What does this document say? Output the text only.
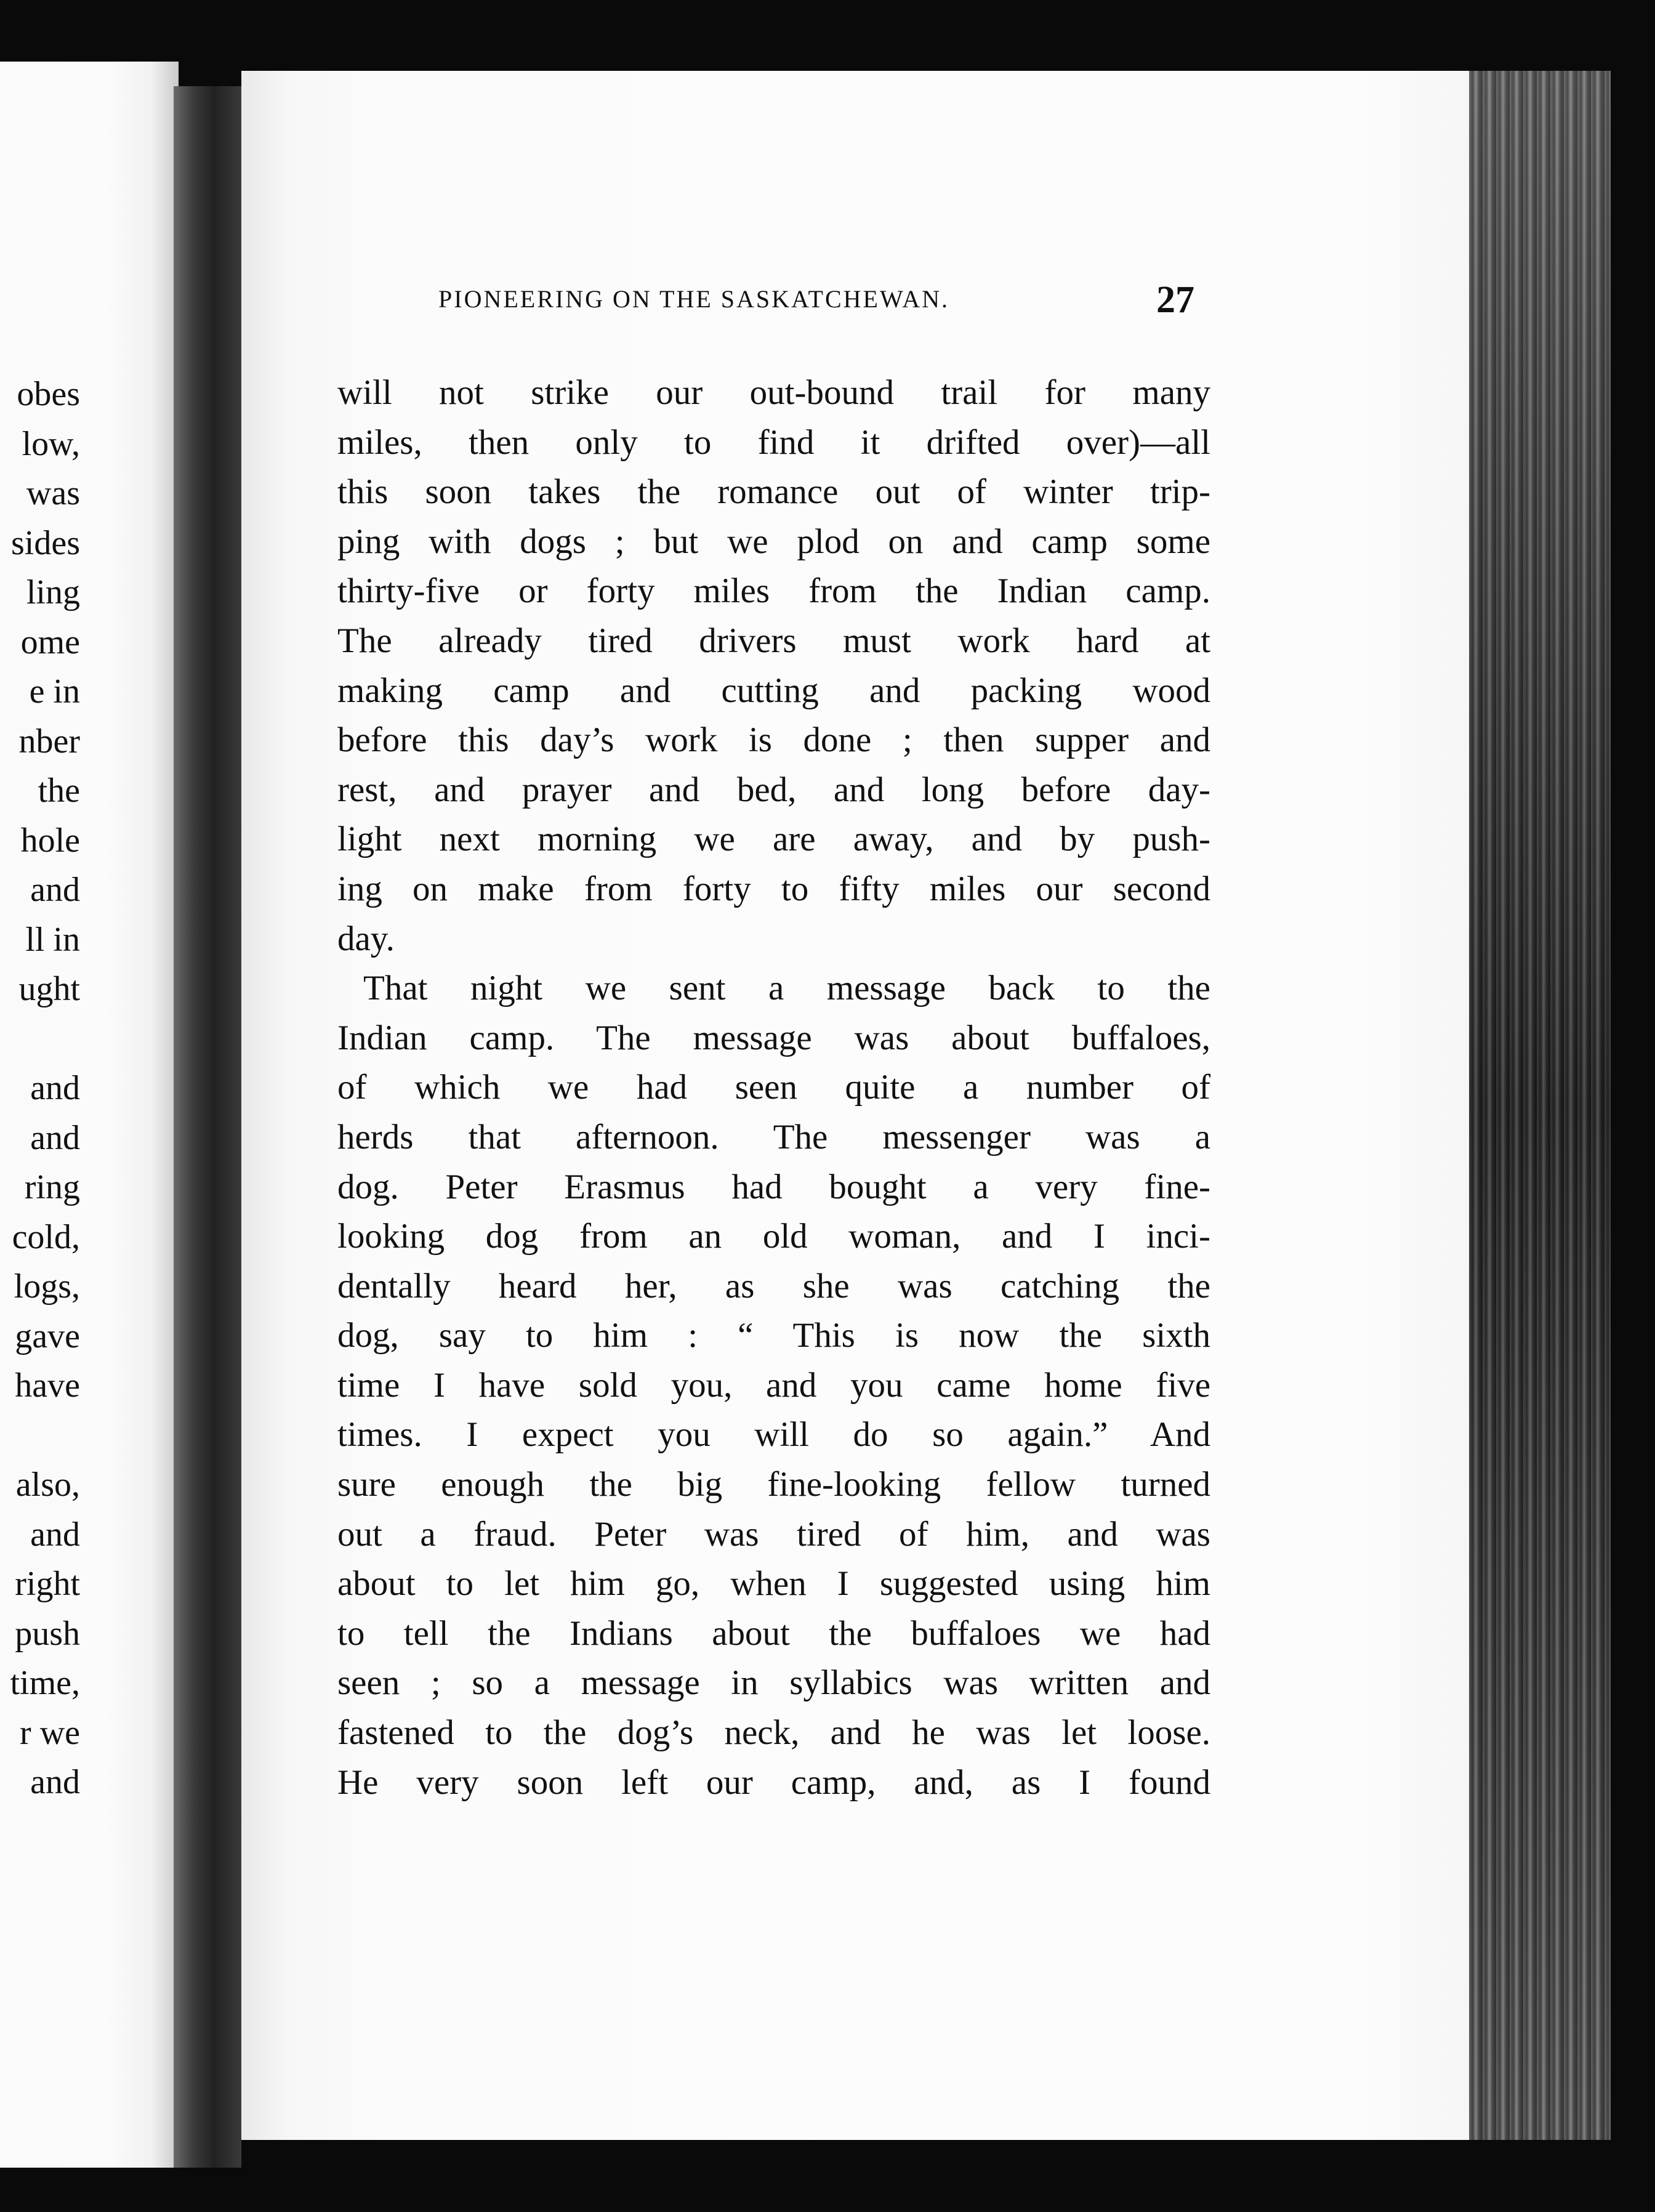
obes
low,
was
sides
ling
ome
e in
nber
the
hole
and
ll in
ught
and
and
ring
cold,
logs,
gave
have
also,
and
right
push
time,
r we
and
PIONEERING ON THE SASKATCHEWAN.	27
will not strike our out-bound trail for many
miles, then only to find it drifted over)—all
this soon takes the romance out of winter trip-
ping with dogs ; but we plod on and camp some
thirty-five or forty miles from the Indian camp.
The already tired drivers must work hard at
making camp and cutting and packing wood
before this day’s work is done ; then supper and
rest, and prayer and bed, and long before day-
light next morning we are away, and by push-
ing on make from forty to fifty miles our second
day.
That night we sent a message back to the
Indian camp. The message was about buffaloes,
of which we had seen quite a number of
herds that afternoon. The messenger was a
dog. Peter Erasmus had bought a very fine-
looking dog from an old woman, and I inci-
dentally heard her, as she was catching the
dog, say to him : “ This is now the sixth
time I have sold you, and you came home five
times. I expect you will do so again.” And
sure enough the big fine-looking fellow turned
out a fraud. Peter was tired of him, and was
about to let him go, when I suggested using him
to tell the Indians about the buffaloes we had
seen ; so a message in syllabics was written and
fastened to the dog’s neck, and he was let loose.
He very soon left our camp, and, as I found
